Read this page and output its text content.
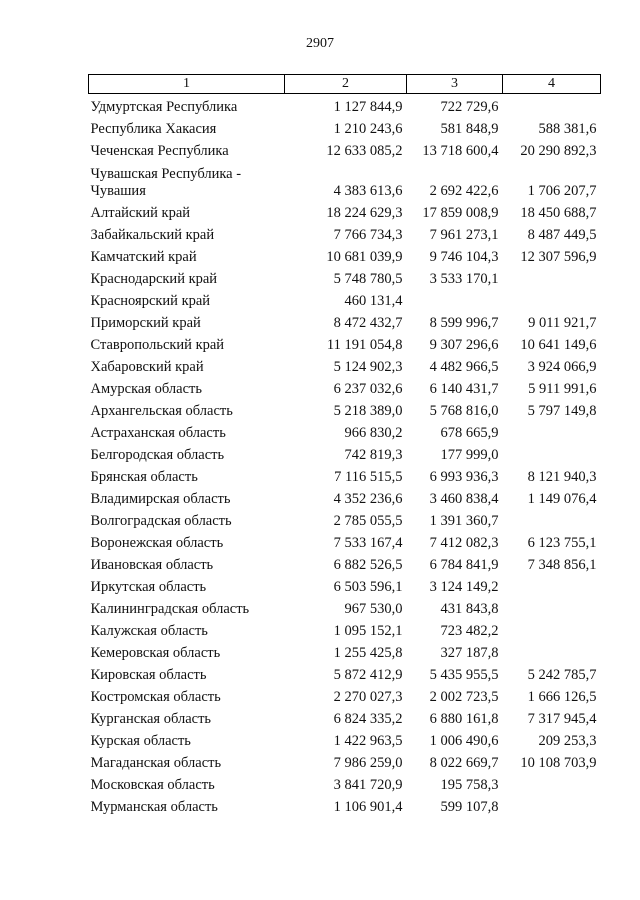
2907
1	2	3	4
Удмуртская Республика	1 127 844,9	722 729,6	
Республика Хакасия	1 210 243,6	581 848,9	588 381,6
Чеченская Республика	12 633 085,2	13 718 600,4	20 290 892,3
Чувашская Республика - Чувашия	4 383 613,6	2 692 422,6	1 706 207,7
Алтайский край	18 224 629,3	17 859 008,9	18 450 688,7
Забайкальский край	7 766 734,3	7 961 273,1	8 487 449,5
Камчатский край	10 681 039,9	9 746 104,3	12 307 596,9
Краснодарский край	5 748 780,5	3 533 170,1	
Красноярский край	460 131,4		
Приморский край	8 472 432,7	8 599 996,7	9 011 921,7
Ставропольский край	11 191 054,8	9 307 296,6	10 641 149,6
Хабаровский край	5 124 902,3	4 482 966,5	3 924 066,9
Амурская область	6 237 032,6	6 140 431,7	5 911 991,6
Архангельская область	5 218 389,0	5 768 816,0	5 797 149,8
Астраханская область	966 830,2	678 665,9	
Белгородская область	742 819,3	177 999,0	
Брянская область	7 116 515,5	6 993 936,3	8 121 940,3
Владимирская область	4 352 236,6	3 460 838,4	1 149 076,4
Волгоградская область	2 785 055,5	1 391 360,7	
Воронежская область	7 533 167,4	7 412 082,3	6 123 755,1
Ивановская область	6 882 526,5	6 784 841,9	7 348 856,1
Иркутская область	6 503 596,1	3 124 149,2	
Калининградская область	967 530,0	431 843,8	
Калужская область	1 095 152,1	723 482,2	
Кемеровская область	1 255 425,8	327 187,8	
Кировская область	5 872 412,9	5 435 955,5	5 242 785,7
Костромская область	2 270 027,3	2 002 723,5	1 666 126,5
Курганская область	6 824 335,2	6 880 161,8	7 317 945,4
Курская область	1 422 963,5	1 006 490,6	209 253,3
Магаданская область	7 986 259,0	8 022 669,7	10 108 703,9
Московская область	3 841 720,9	195 758,3	
Мурманская область	1 106 901,4	599 107,8	
